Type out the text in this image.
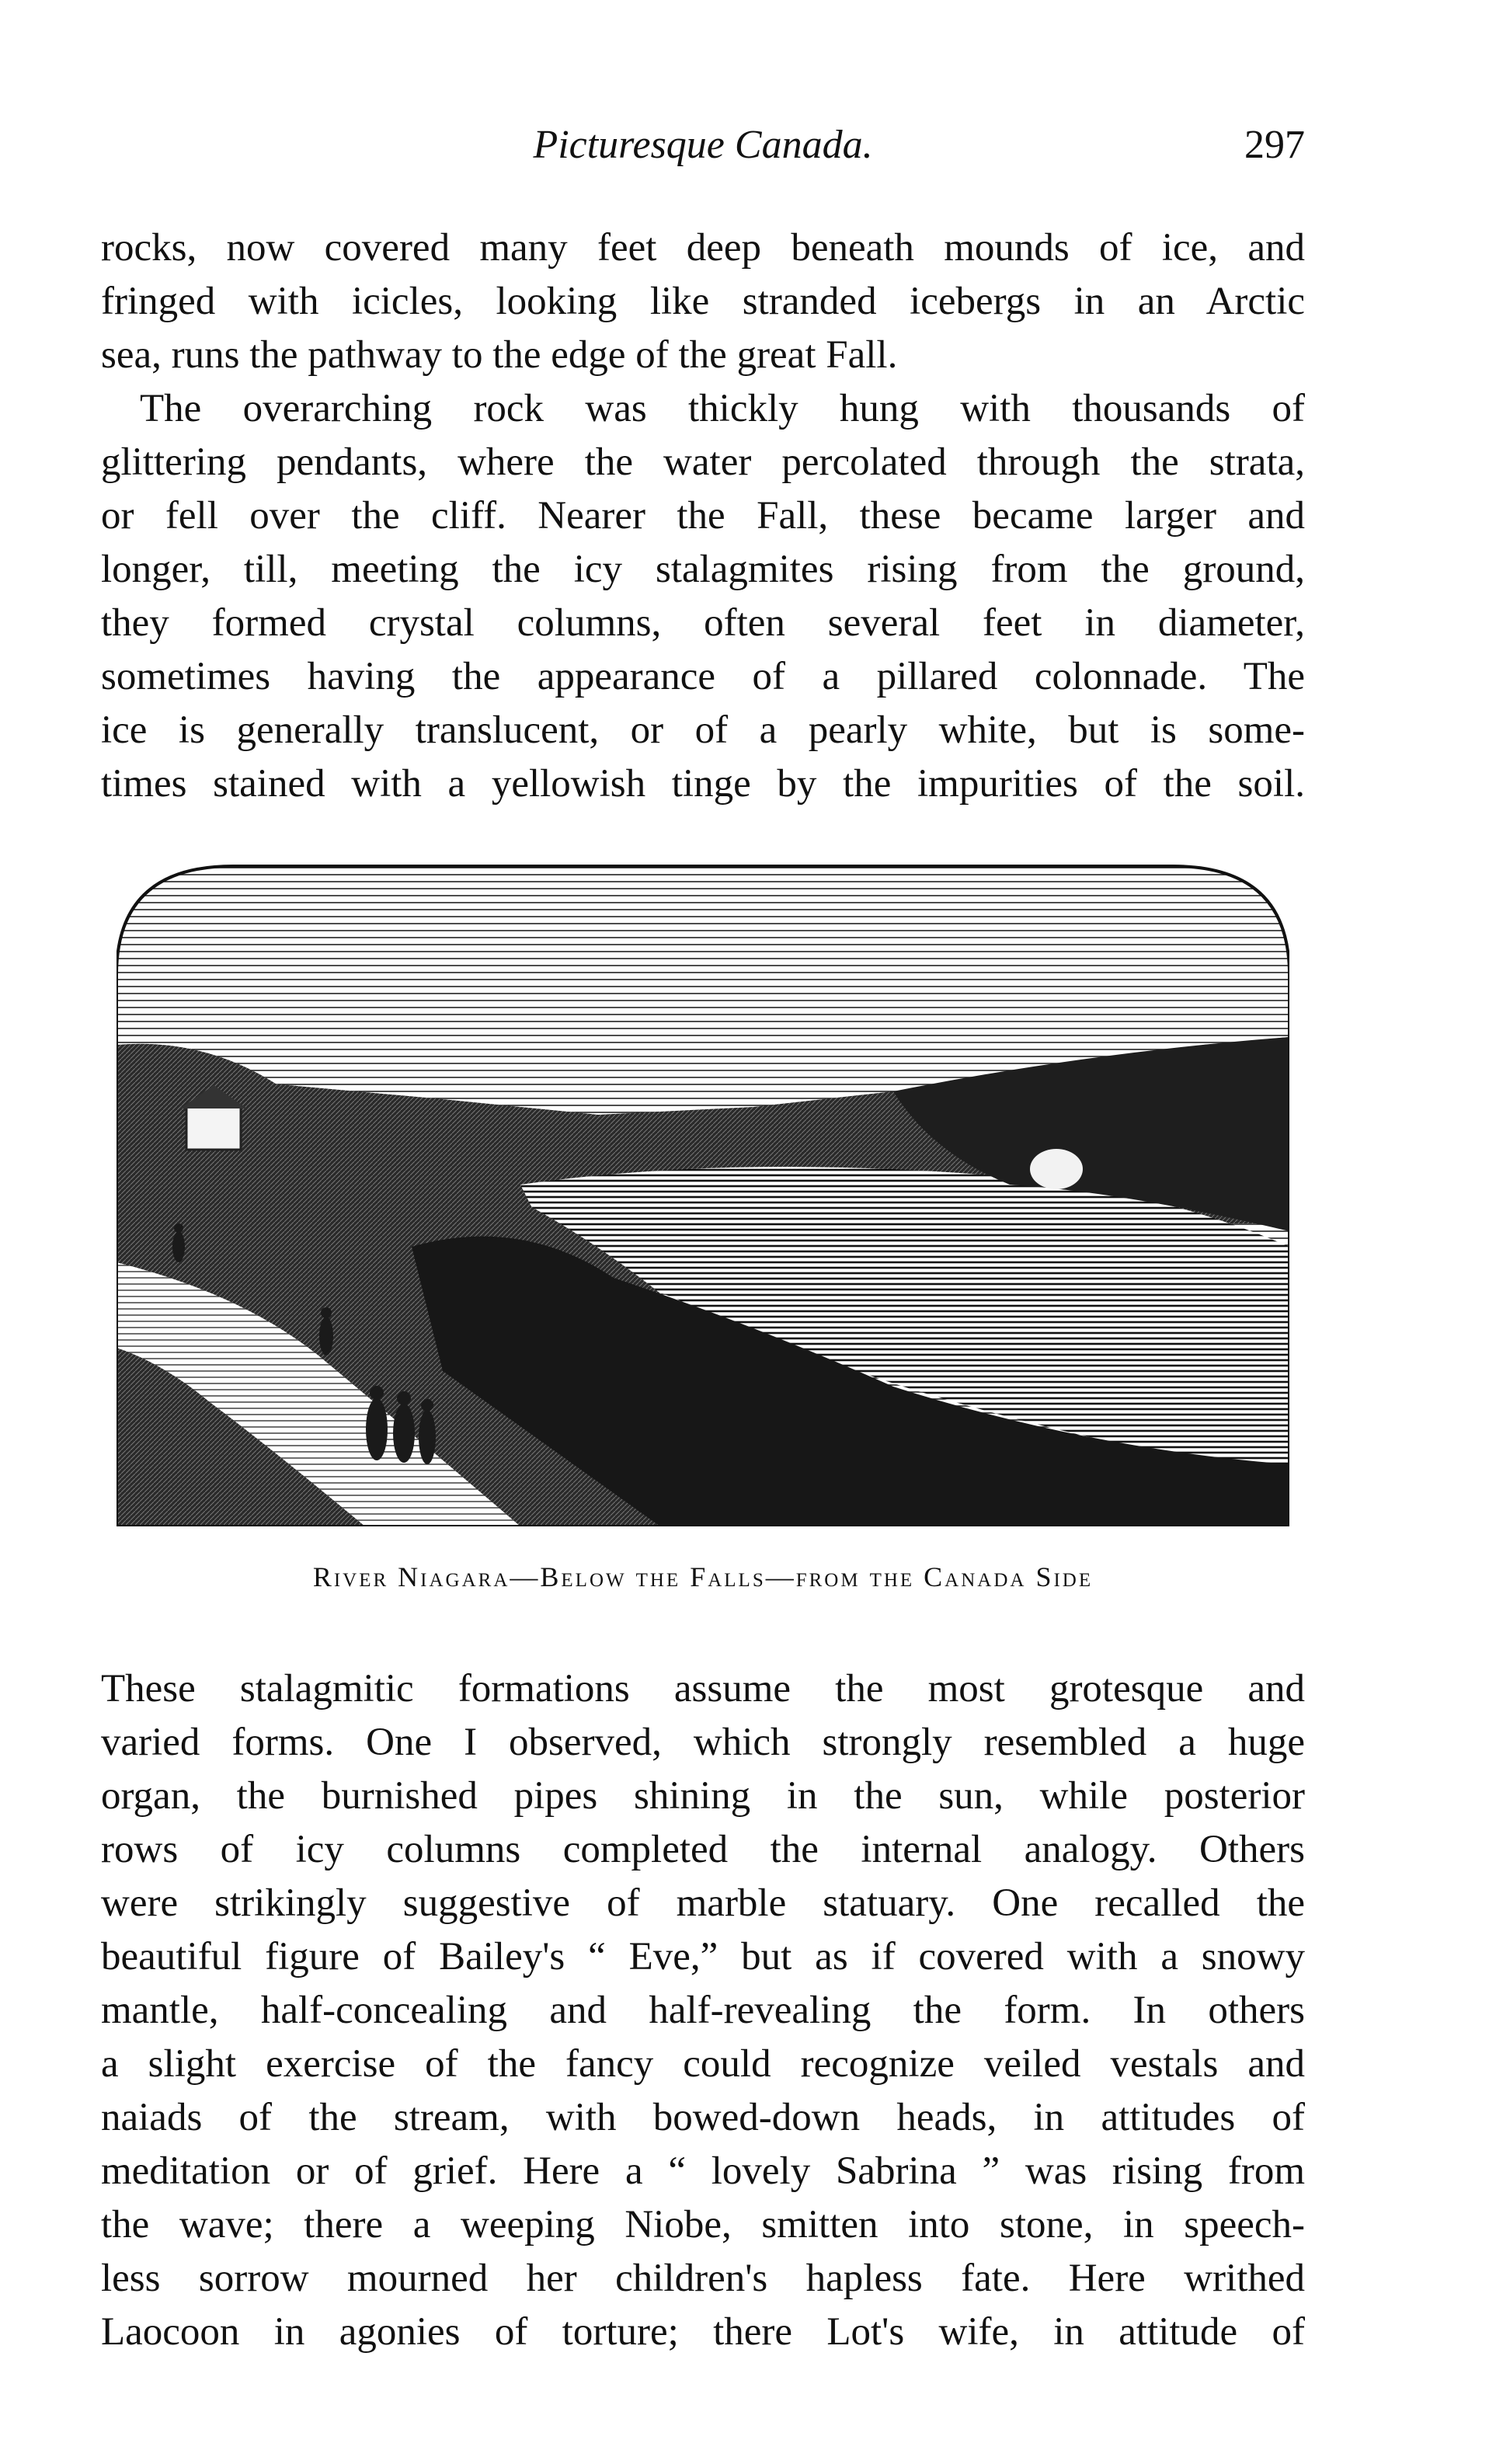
Picturesque Canada.	297
rocks, now covered many feet deep beneath mounds of ice, and
fringed with icicles, looking like stranded icebergs in an Arctic
sea, runs the pathway to the edge of the great Fall.
The overarching rock was thickly hung with thousands of
glittering pendants, where the water percolated through the strata,
or fell over the cliff. Nearer the Fall, these became larger and
longer, till, meeting the icy stalagmites rising from the ground,
they formed crystal columns, often several feet in diameter,
sometimes having the appearance of a pillared colonnade. The
ice is generally translucent, or of a pearly white, but is some-
times stained with a yellowish tinge by the impurities of the soil.
River Niagara—Below the Falls—from the Canada Side
These stalagmitic formations assume the most grotesque and
varied forms. One I observed, which strongly resembled a huge
organ, the burnished pipes shining in the sun, while posterior
rows of icy columns completed the internal analogy. Others
were strikingly suggestive of marble statuary. One recalled the
beautiful figure of Bailey's “ Eve,” but as if covered with a snowy
mantle, half-concealing and half-revealing the form. In others
a slight exercise of the fancy could recognize veiled vestals and
naiads of the stream, with bowed-down heads, in attitudes of
meditation or of grief. Here a “ lovely Sabrina ” was rising from
the wave; there a weeping Niobe, smitten into stone, in speech-
less sorrow mourned her children's hapless fate. Here writhed
Laocoon in agonies of torture; there Lot's wife, in attitude of
